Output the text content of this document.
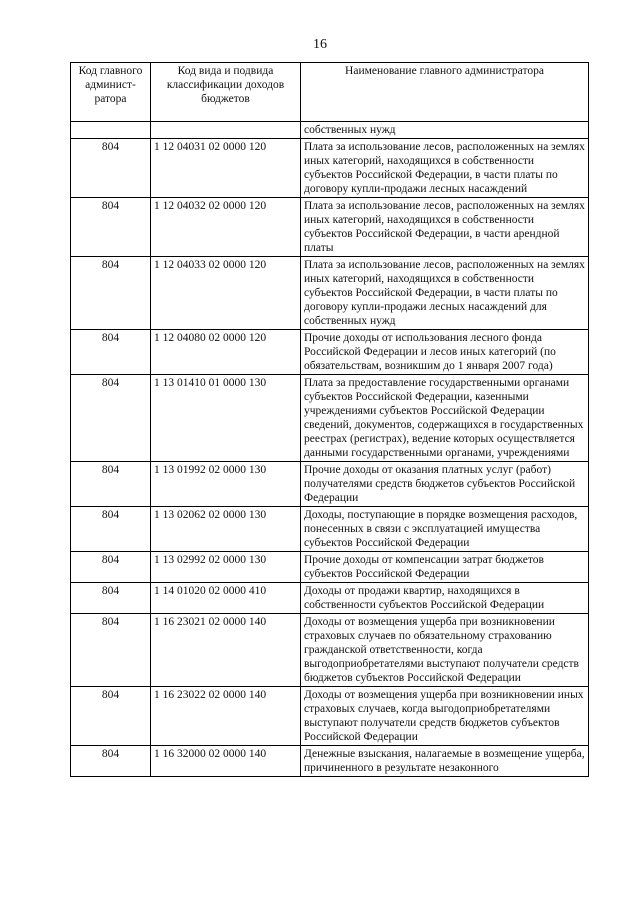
16
Код главного админист-ратора	Код вида и подвида классификации доходов бюджетов	Наименование главного администратора
		собственных нужд
804	1 12 04031 02 0000 120	Плата за использование лесов, расположенных на землях иных категорий, находящихся в собственности субъектов Российской Федерации, в части платы по договору купли-продажи лесных насаждений
804	1 12 04032 02 0000 120	Плата за использование лесов, расположенных на землях иных категорий, находящихся в собственности субъектов Российской Федерации, в части арендной платы
804	1 12 04033 02 0000 120	Плата за использование лесов, расположенных на землях иных категорий, находящихся в собственности субъектов Российской Федерации, в части платы по договору купли-продажи лесных насаждений для собственных нужд
804	1 12 04080 02 0000 120	Прочие доходы от использования лесного фонда Российской Федерации и лесов иных категорий (по обязательствам, возникшим до 1 января 2007 года)
804	1 13 01410 01 0000 130	Плата за предоставление государственными органами субъектов Российской Федерации, казенными учреждениями субъектов Российской Федерации сведений, документов, содержащихся в государственных реестрах (регистрах), ведение которых осуществляется данными государственными органами, учреждениями
804	1 13 01992 02 0000 130	Прочие доходы от оказания платных услуг (работ) получателями средств бюджетов субъектов Российской Федерации
804	1 13 02062 02 0000 130	Доходы, поступающие в порядке возмещения расходов, понесенных в связи с эксплуатацией имущества субъектов Российской Федерации
804	1 13 02992 02 0000 130	Прочие доходы от компенсации затрат бюджетов субъектов Российской Федерации
804	1 14 01020 02 0000 410	Доходы от продажи квартир, находящихся в собственности субъектов Российской Федерации
804	1 16 23021 02 0000 140	Доходы от возмещения ущерба при возникновении страховых случаев по обязательному страхованию гражданской ответственности, когда выгодоприобретателями выступают получатели средств бюджетов субъектов Российской Федерации
804	1 16 23022 02 0000 140	Доходы от возмещения ущерба при возникновении иных страховых случаев, когда выгодоприобретателями выступают получатели средств бюджетов субъектов Российской Федерации
804	1 16 32000 02 0000 140	Денежные взыскания, налагаемые в возмещение ущерба, причиненного в результате незаконного
